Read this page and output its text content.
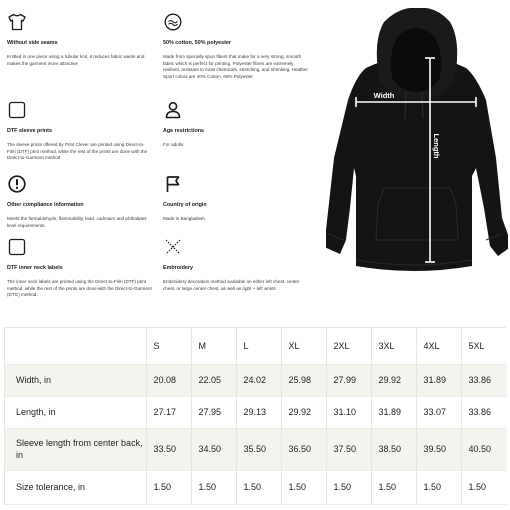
Without side seams
Knitted in one piece using a tubular knit, it reduces fabric waste and makes the garment more attractive
50% cotton, 50% polyester
Made from specially spun fibers that make for a very strong, smooth fabric which is perfect for printing. Polyester fibers are extremely resilient, resistant to most chemicals, stretching, and shrinking. Heather Sport colors are 40% Cotton, 60% Polyester
DTF sleeve prints
The sleeve prints offered by Print Clever are printed using Direct-to-Film (DTF) print method, while the rest of the prints are done with the Direct-to-Garment method
Age restrictions
For adults
Other compliance information
Meets the formaldehyde, flammability, lead, cadmium and phthalates level requirements.
Country of origin
Made in Bangladesh
DTF inner neck labels
The inner neck labels are printed using the Direct-to-Film (DTF) print method, while the rest of the prints are done with the Direct-to-Garment (DTG) method.
Embroidery
Embroidery decoration method available on either left chest, center chest, or large center chest, as well as right + left wrists
Width
Length
	S	M	L	XL	2XL	3XL	4XL	5XL
Width, in	20.08	22.05	24.02	25.98	27.99	29.92	31.89	33.86
Length, in	27.17	27.95	29.13	29.92	31.10	31.89	33.07	33.86
Sleeve length from center back, in	33.50	34.50	35.50	36.50	37.50	38.50	39.50	40.50
Size tolerance, in	1.50	1.50	1.50	1.50	1.50	1.50	1.50	1.50
